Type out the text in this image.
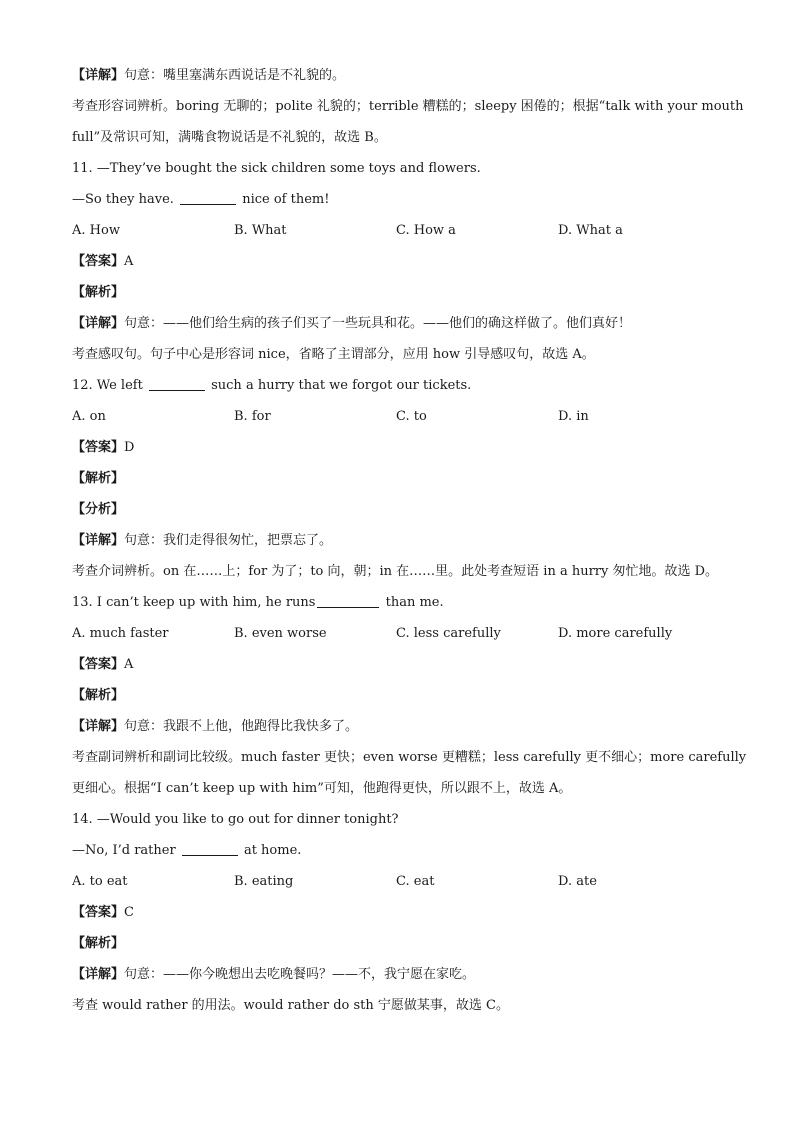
【详解】句意：嘴里塞满东西说话是不礼貌的。
考查形容词辨析。boring 无聊的；polite 礼貌的；terrible 糟糕的；sleepy 困倦的；根据“talk with your mouth full”及常识可知，满嘴食物说话是不礼貌的，故选 B。
11. —They’ve bought the sick children some toys and flowers.
—So they have.	nice of them!
A. How	B. What	C. How a	D. What a
【答案】A
【解析】
【详解】句意：——他们给生病的孩子们买了一些玩具和花。——他们的确这样做了。他们真好！
考查感叹句。句子中心是形容词 nice，省略了主谓部分，应用 how 引导感叹句，故选 A。
12. We left	such a hurry that we forgot our tickets.
A. on	B. for	C. to	D. in
【答案】D
【解析】
【分析】
【详解】句意：我们走得很匆忙，把票忘了。
考查介词辨析。on 在……上；for 为了；to 向，朝；in 在……里。此处考查短语 in a hurry 匆忙地。故选 D。
13. I can’t keep up with him, he runs	than me.
A. much faster	B. even worse	C. less carefully	D. more carefully
【答案】A
【解析】
【详解】句意：我跟不上他，他跑得比我快多了。
考查副词辨析和副词比较级。much faster 更快；even worse 更糟糕；less carefully 更不细心；more carefully 更细心。根据“I can’t keep up with him”可知，他跑得更快，所以跟不上，故选 A。
14. —Would you like to go out for dinner tonight?
—No, I’d rather	at home.
A. to eat	B. eating	C. eat	D. ate
【答案】C
【解析】
【详解】句意：——你今晚想出去吃晚餐吗？——不，我宁愿在家吃。
考查 would rather 的用法。would rather do sth 宁愿做某事，故选 C。
